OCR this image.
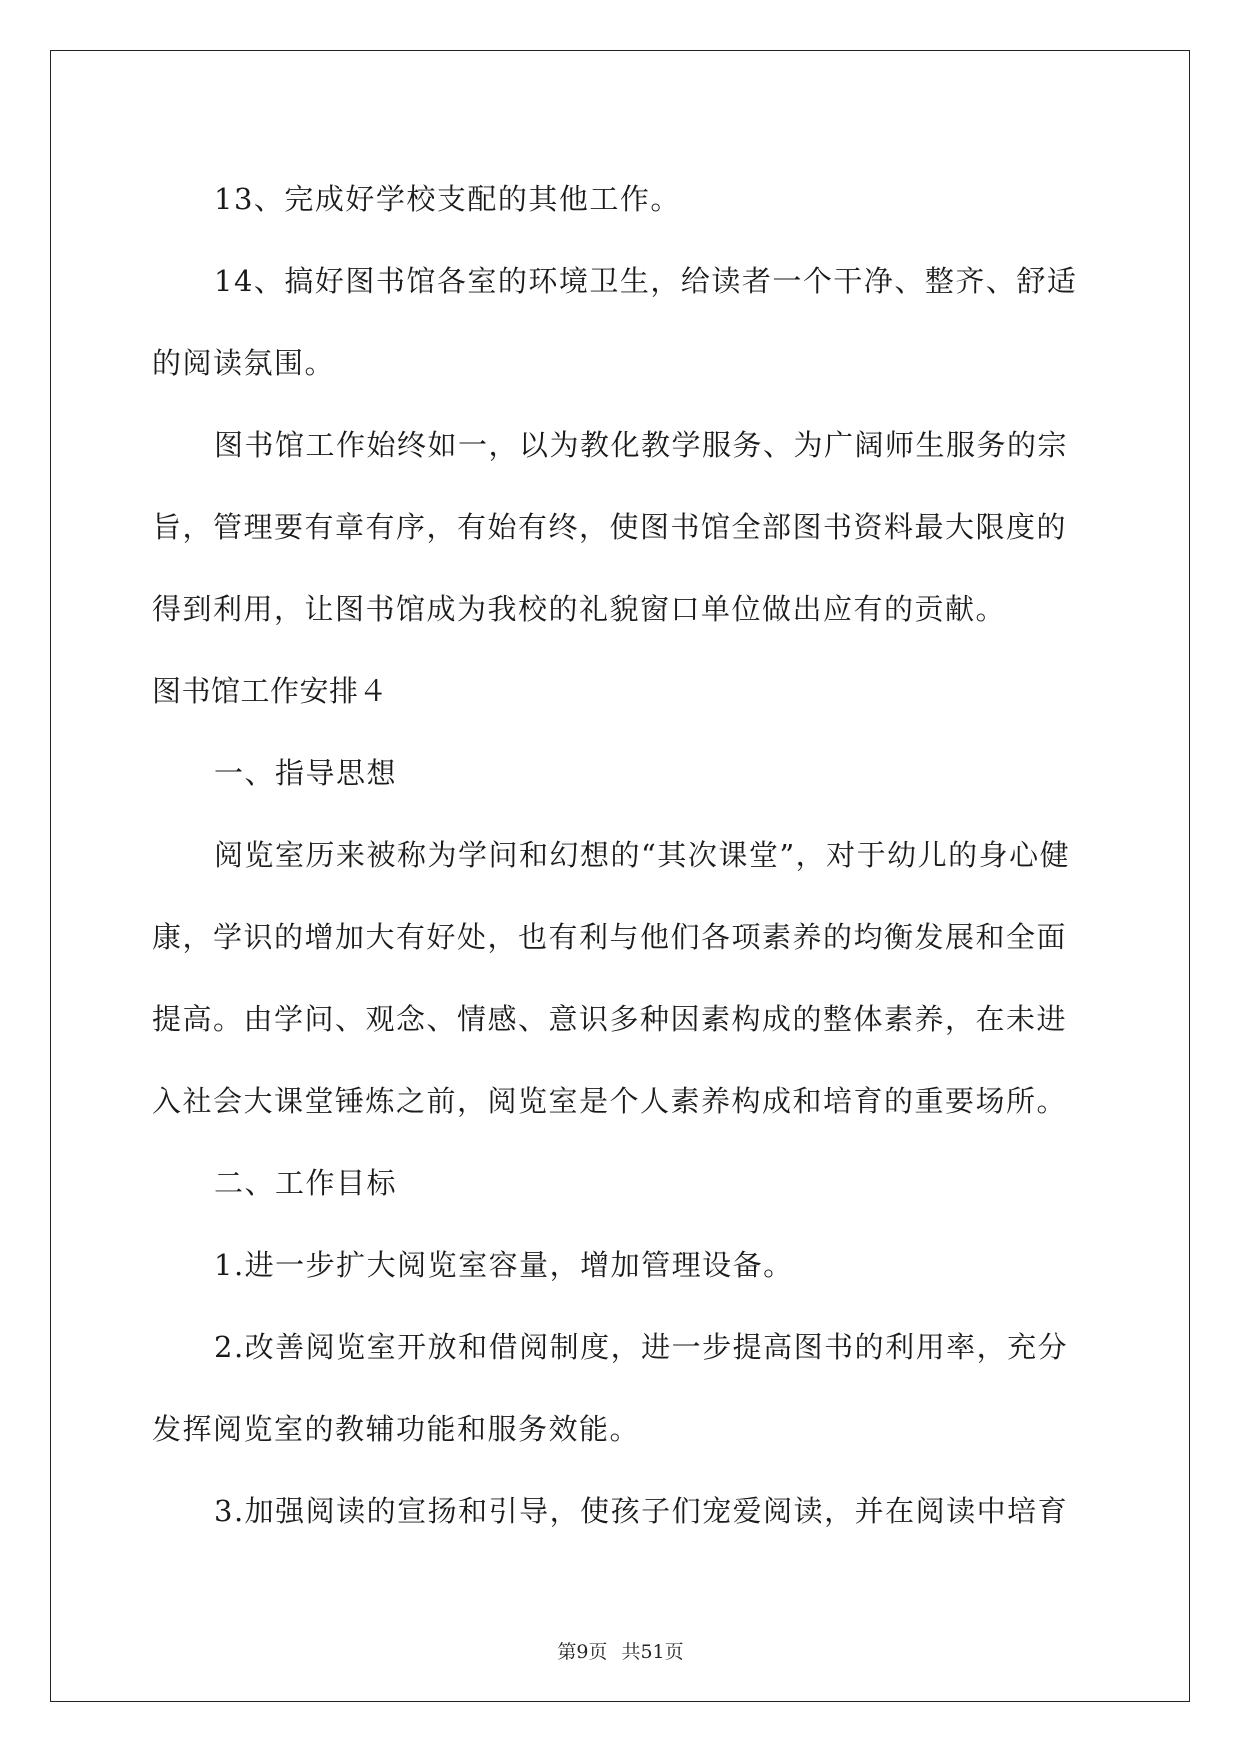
13、完成好学校支配的其他工作。
14、搞好图书馆各室的环境卫生，给读者一个干净、整齐、舒适
的阅读氛围。
图书馆工作始终如一，以为教化教学服务、为广阔师生服务的宗
旨，管理要有章有序，有始有终，使图书馆全部图书资料最大限度的
得到利用，让图书馆成为我校的礼貌窗口单位做出应有的贡献。
图书馆工作安排４
一、指导思想
阅览室历来被称为学问和幻想的“其次课堂”，对于幼儿的身心健
康，学识的增加大有好处，也有利与他们各项素养的均衡发展和全面
提高。由学问、观念、情感、意识多种因素构成的整体素养，在未进
入社会大课堂锤炼之前，阅览室是个人素养构成和培育的重要场所。
二、工作目标
1.进一步扩大阅览室容量，增加管理设备。
2.改善阅览室开放和借阅制度，进一步提高图书的利用率，充分
发挥阅览室的教辅功能和服务效能。
3.加强阅读的宣扬和引导，使孩子们宠爱阅读，并在阅读中培育
第9页 共51页
